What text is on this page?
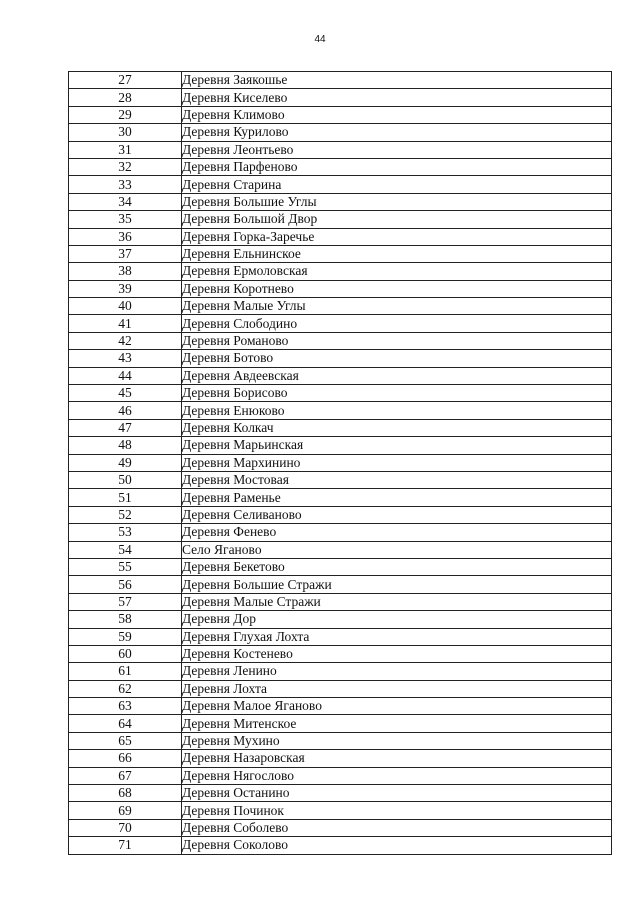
44
27	Деревня Заякошье
28	Деревня Киселево
29	Деревня Климово
30	Деревня Курилово
31	Деревня Леонтьево
32	Деревня Парфеново
33	Деревня Старина
34	Деревня Большие Углы
35	Деревня Большой Двор
36	Деревня Горка-Заречье
37	Деревня Ельнинское
38	Деревня Ермоловская
39	Деревня Коротнево
40	Деревня Малые Углы
41	Деревня Слободино
42	Деревня Романово
43	Деревня Ботово
44	Деревня Авдеевская
45	Деревня Борисово
46	Деревня Енюково
47	Деревня Колкач
48	Деревня Марьинская
49	Деревня Мархинино
50	Деревня Мостовая
51	Деревня Раменье
52	Деревня Селиваново
53	Деревня Фенево
54	Село Яганово
55	Деревня Бекетово
56	Деревня Большие Стражи
57	Деревня Малые Стражи
58	Деревня Дор
59	Деревня Глухая Лохта
60	Деревня Костенево
61	Деревня Ленино
62	Деревня Лохта
63	Деревня Малое Яганово
64	Деревня Митенское
65	Деревня Мухино
66	Деревня Назаровская
67	Деревня Нягослово
68	Деревня Останино
69	Деревня Починок
70	Деревня Соболево
71	Деревня Соколово
